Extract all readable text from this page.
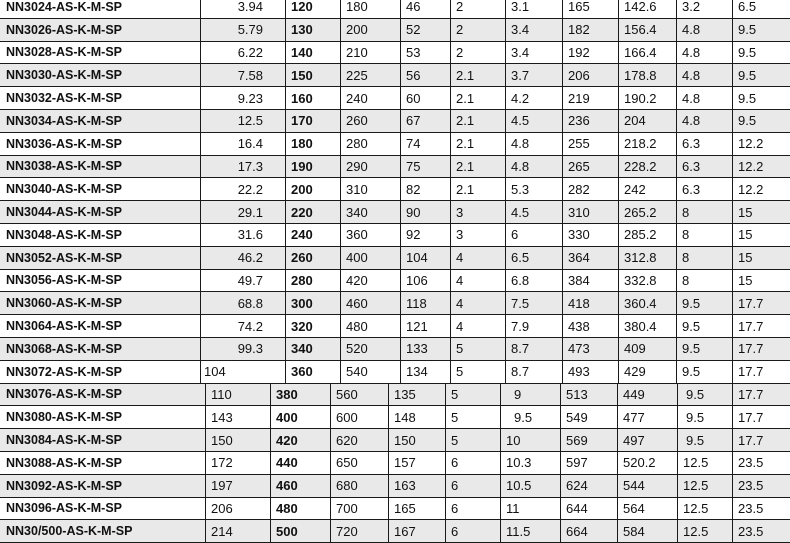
NN3024-AS-K-M-SP	3.94	120	180	46	2	3.1	165	142.6	3.2	6.5
NN3026-AS-K-M-SP	5.79	130	200	52	2	3.4	182	156.4	4.8	9.5
NN3028-AS-K-M-SP	6.22	140	210	53	2	3.4	192	166.4	4.8	9.5
NN3030-AS-K-M-SP	7.58	150	225	56	2.1	3.7	206	178.8	4.8	9.5
NN3032-AS-K-M-SP	9.23	160	240	60	2.1	4.2	219	190.2	4.8	9.5
NN3034-AS-K-M-SP	12.5	170	260	67	2.1	4.5	236	204	4.8	9.5
NN3036-AS-K-M-SP	16.4	180	280	74	2.1	4.8	255	218.2	6.3	12.2
NN3038-AS-K-M-SP	17.3	190	290	75	2.1	4.8	265	228.2	6.3	12.2
NN3040-AS-K-M-SP	22.2	200	310	82	2.1	5.3	282	242	6.3	12.2
NN3044-AS-K-M-SP	29.1	220	340	90	3	4.5	310	265.2	8	15
NN3048-AS-K-M-SP	31.6	240	360	92	3	6	330	285.2	8	15
NN3052-AS-K-M-SP	46.2	260	400	104	4	6.5	364	312.8	8	15
NN3056-AS-K-M-SP	49.7	280	420	106	4	6.8	384	332.8	8	15
NN3060-AS-K-M-SP	68.8	300	460	118	4	7.5	418	360.4	9.5	17.7
NN3064-AS-K-M-SP	74.2	320	480	121	4	7.9	438	380.4	9.5	17.7
NN3068-AS-K-M-SP	99.3	340	520	133	5	8.7	473	409	9.5	17.7
NN3072-AS-K-M-SP	104	360	540	134	5	8.7	493	429	9.5	17.7
NN3076-AS-K-M-SP	110	380	560	135	5	9	513	449	9.5	17.7
NN3080-AS-K-M-SP	143	400	600	148	5	9.5	549	477	9.5	17.7
NN3084-AS-K-M-SP	150	420	620	150	5	10	569	497	9.5	17.7
NN3088-AS-K-M-SP	172	440	650	157	6	10.3	597	520.2	12.5	23.5
NN3092-AS-K-M-SP	197	460	680	163	6	10.5	624	544	12.5	23.5
NN3096-AS-K-M-SP	206	480	700	165	6	11	644	564	12.5	23.5
NN30/500-AS-K-M-SP	214	500	720	167	6	11.5	664	584	12.5	23.5
